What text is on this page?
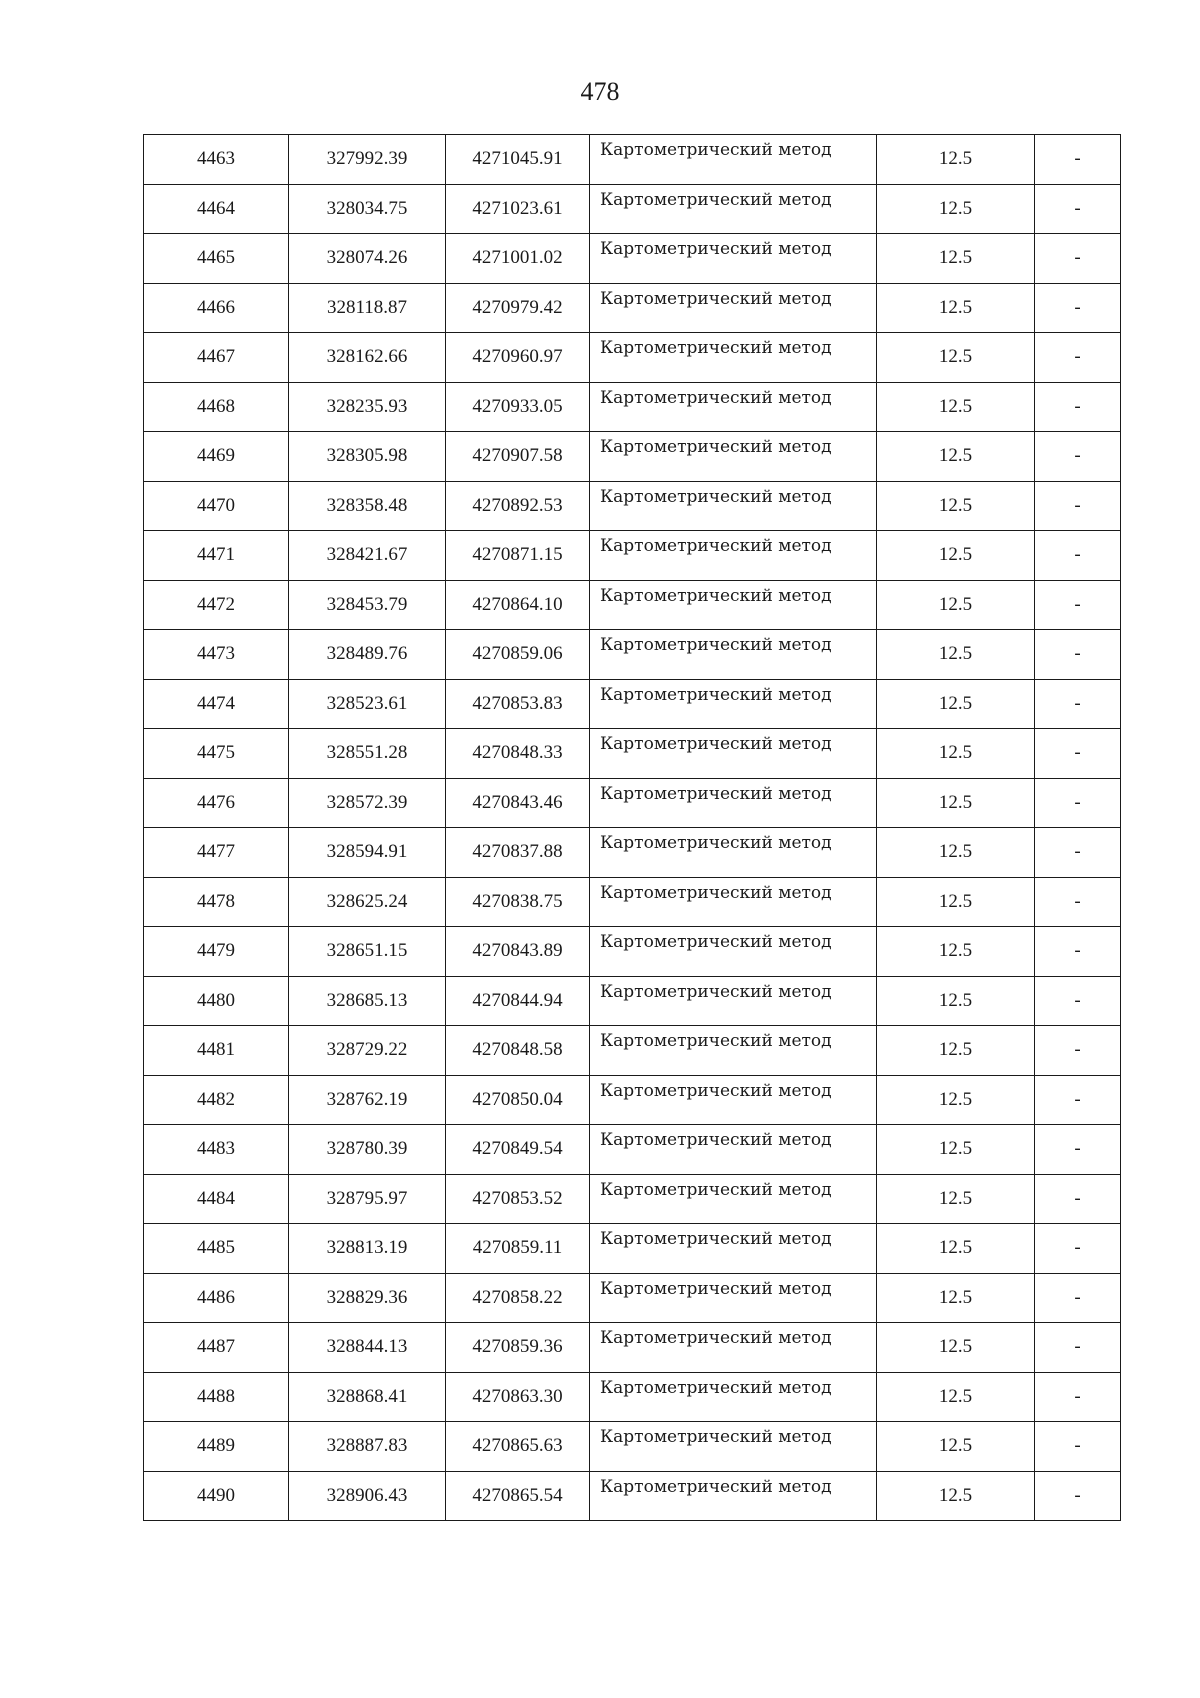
478
4463	327992.39	4271045.91	Картометрический метод	12.5	-
4464	328034.75	4271023.61	Картометрический метод	12.5	-
4465	328074.26	4271001.02	Картометрический метод	12.5	-
4466	328118.87	4270979.42	Картометрический метод	12.5	-
4467	328162.66	4270960.97	Картометрический метод	12.5	-
4468	328235.93	4270933.05	Картометрический метод	12.5	-
4469	328305.98	4270907.58	Картометрический метод	12.5	-
4470	328358.48	4270892.53	Картометрический метод	12.5	-
4471	328421.67	4270871.15	Картометрический метод	12.5	-
4472	328453.79	4270864.10	Картометрический метод	12.5	-
4473	328489.76	4270859.06	Картометрический метод	12.5	-
4474	328523.61	4270853.83	Картометрический метод	12.5	-
4475	328551.28	4270848.33	Картометрический метод	12.5	-
4476	328572.39	4270843.46	Картометрический метод	12.5	-
4477	328594.91	4270837.88	Картометрический метод	12.5	-
4478	328625.24	4270838.75	Картометрический метод	12.5	-
4479	328651.15	4270843.89	Картометрический метод	12.5	-
4480	328685.13	4270844.94	Картометрический метод	12.5	-
4481	328729.22	4270848.58	Картометрический метод	12.5	-
4482	328762.19	4270850.04	Картометрический метод	12.5	-
4483	328780.39	4270849.54	Картометрический метод	12.5	-
4484	328795.97	4270853.52	Картометрический метод	12.5	-
4485	328813.19	4270859.11	Картометрический метод	12.5	-
4486	328829.36	4270858.22	Картометрический метод	12.5	-
4487	328844.13	4270859.36	Картометрический метод	12.5	-
4488	328868.41	4270863.30	Картометрический метод	12.5	-
4489	328887.83	4270865.63	Картометрический метод	12.5	-
4490	328906.43	4270865.54	Картометрический метод	12.5	-
